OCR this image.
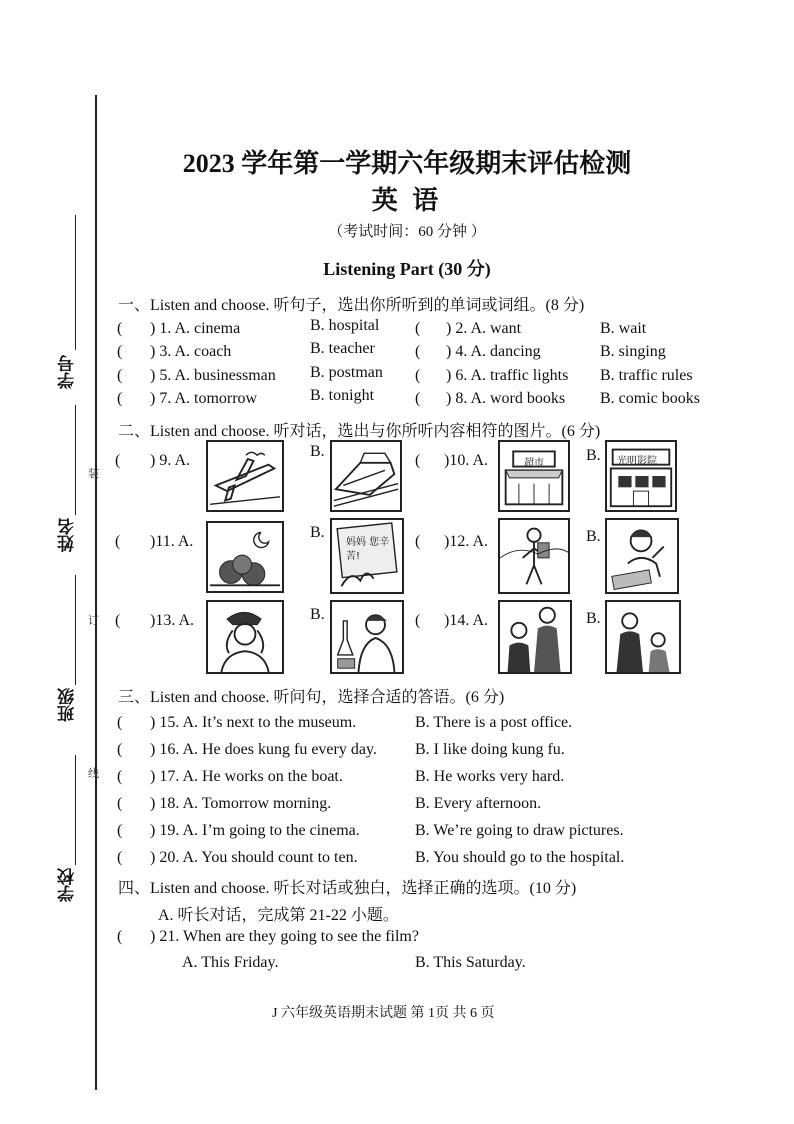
学号
姓名
班级
学校
装
订
线
2023 学年第一学期六年级期末评估检测
英 语
（考试时间：60 分钟 ）
Listening Part (30 分)
一、Listen and choose. 听句子，选出你所听到的单词或词组。(8 分)
( ) 1. A. cinema	B. hospital ( ) 2. A. want	B. wait
( ) 3. A. coach	B. teacher	( ) 4. A. dancing	B. singing
( ) 5. A. businessman B. postman ( ) 6. A. traffic lights B. traffic rules
( ) 7. A. tomorrow	B. tonight	( ) 8. A. word books B. comic books
二、Listen and choose. 听对话，选出与你所听内容相符的图片。(6 分)
( ) 9. A.
B.
( )10. A.	超市	B. 光明影院
( )11. A.
B.
妈妈 您辛苦!
( )12. A.	B.
( )13. A.	B.	( )14. A.	B.
三、Listen and choose. 听问句，选择合适的答语。(6 分)
( ) 15. A. It’s next to the museum.	B. There is a post office.
( ) 16. A. He does kung fu every day. B. I like doing kung fu.
( ) 17. A. He works on the boat.	B. He works very hard.
( ) 18. A. Tomorrow morning.	B. Every afternoon.
( ) 19. A. I’m going to the cinema.	B. We’re going to draw pictures.
( ) 20. A. You should count to ten.	B. You should go to the hospital.
四、Listen and choose. 听长对话或独白，选择正确的选项。(10 分)
A. 听长对话，完成第 21-22 小题。
( ) 21. When are they going to see the film?
A. This Friday.	B. This Saturday.
J 六年级英语期末试题 第 1页 共 6 页
